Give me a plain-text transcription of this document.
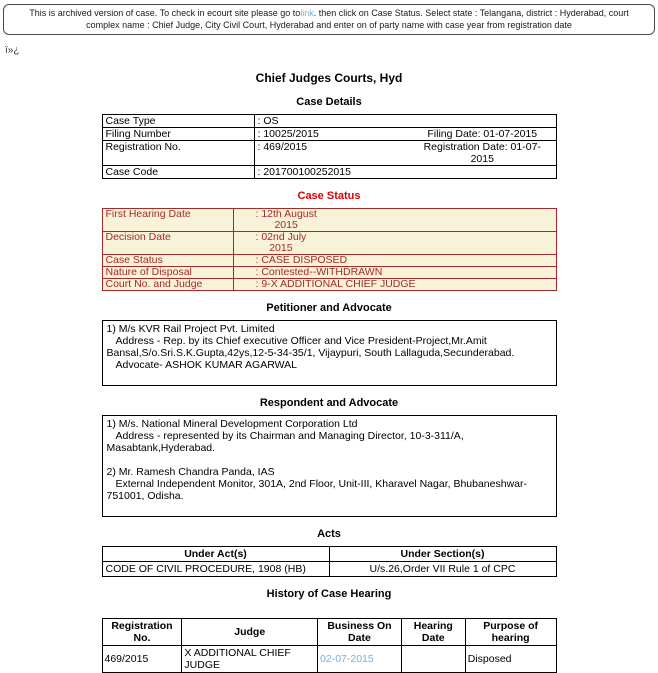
This is archived version of case. To check in ecourt site please go tolink. then click on Case Status. Select state : Telangana, district : Hyderabad, court complex name : Chief Judge, City Civil Court, Hyderabad and enter on of party name with case year from registration date
ï»¿
Chief Judges Courts, Hyd
Case Details
Case Type	: OS	
Filing Number	: 10025/2015	Filing Date: 01-07-2015
Registration No.	: 469/2015	Registration Date: 01-07-2015
Case Code	: 201700100252015	
Case Status
First Hearing Date	: 12th August
2015

Decision Date	: 02nd July
2015

Case Status	: CASE DISPOSED
Nature of Disposal	: Contested--WITHDRAWN
Court No. and Judge	: 9-X ADDITIONAL CHIEF JUDGE
Petitioner and Advocate
1) M/s KVR Rail Project Pvt. Limited
Address - Rep. by its Chief executive Officer and Vice President-Project,Mr.Amit Bansal,S/o.Sri.S.K.Gupta,42ys,12-5-34-35/1, Vijaypuri, South Lallaguda,Secunderabad.
Advocate- ASHOK KUMAR AGARWAL
Respondent and Advocate
1) M/s. National Mineral Development Corporation Ltd
Address - represented by its Chairman and Managing Director, 10-3-311/A, Masabtank,Hyderabad.
2) Mr. Ramesh Chandra Panda, IAS
External Independent Monitor, 301A, 2nd Floor, Unit-III, Kharavel Nagar, Bhubaneshwar-751001, Odisha.
Acts
Under Act(s)	Under Section(s)
CODE OF CIVIL PROCEDURE, 1908 (HB)	U/s.26,Order VII Rule 1 of CPC
History of Case Hearing
Registration No.	Judge	Business On Date	Hearing Date	Purpose of hearing
469/2015	X ADDITIONAL CHIEF JUDGE	02-07-2015		Disposed
